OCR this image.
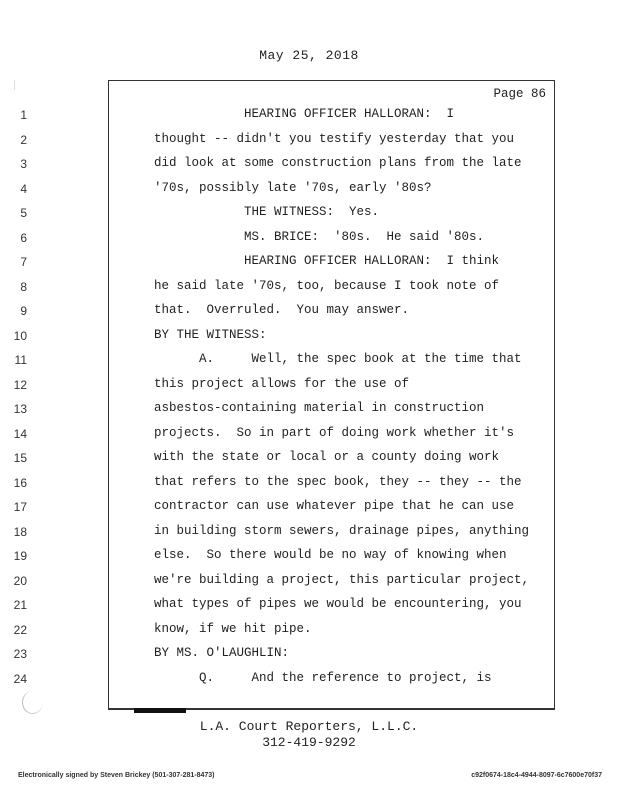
May 25, 2018
Page 86
1	HEARING OFFICER HALLORAN:  I
2	thought -- didn't you testify yesterday that you
3	did look at some construction plans from the late
4	'70s, possibly late '70s, early '80s?
5	THE WITNESS:  Yes.
6	MS. BRICE:  '80s.  He said '80s.
7	HEARING OFFICER HALLORAN:  I think
8	he said late '70s, too, because I took note of
9	that.  Overruled.  You may answer.
10	BY THE WITNESS:
11	A.     Well, the spec book at the time that
12	this project allows for the use of
13	asbestos-containing material in construction
14	projects.  So in part of doing work whether it's
15	with the state or local or a county doing work
16	that refers to the spec book, they -- they -- the
17	contractor can use whatever pipe that he can use
18	in building storm sewers, drainage pipes, anything
19	else.  So there would be no way of knowing when
20	we're building a project, this particular project,
21	what types of pipes we would be encountering, you
22	know, if we hit pipe.
23	BY MS. O'LAUGHLIN:
24	Q.     And the reference to project, is
L.A. Court Reporters, L.L.C.
312-419-9292
Electronically signed by Steven Brickey (501-307-281-8473)	c92f0674-18c4-4944-8097-6c7600e70f37
